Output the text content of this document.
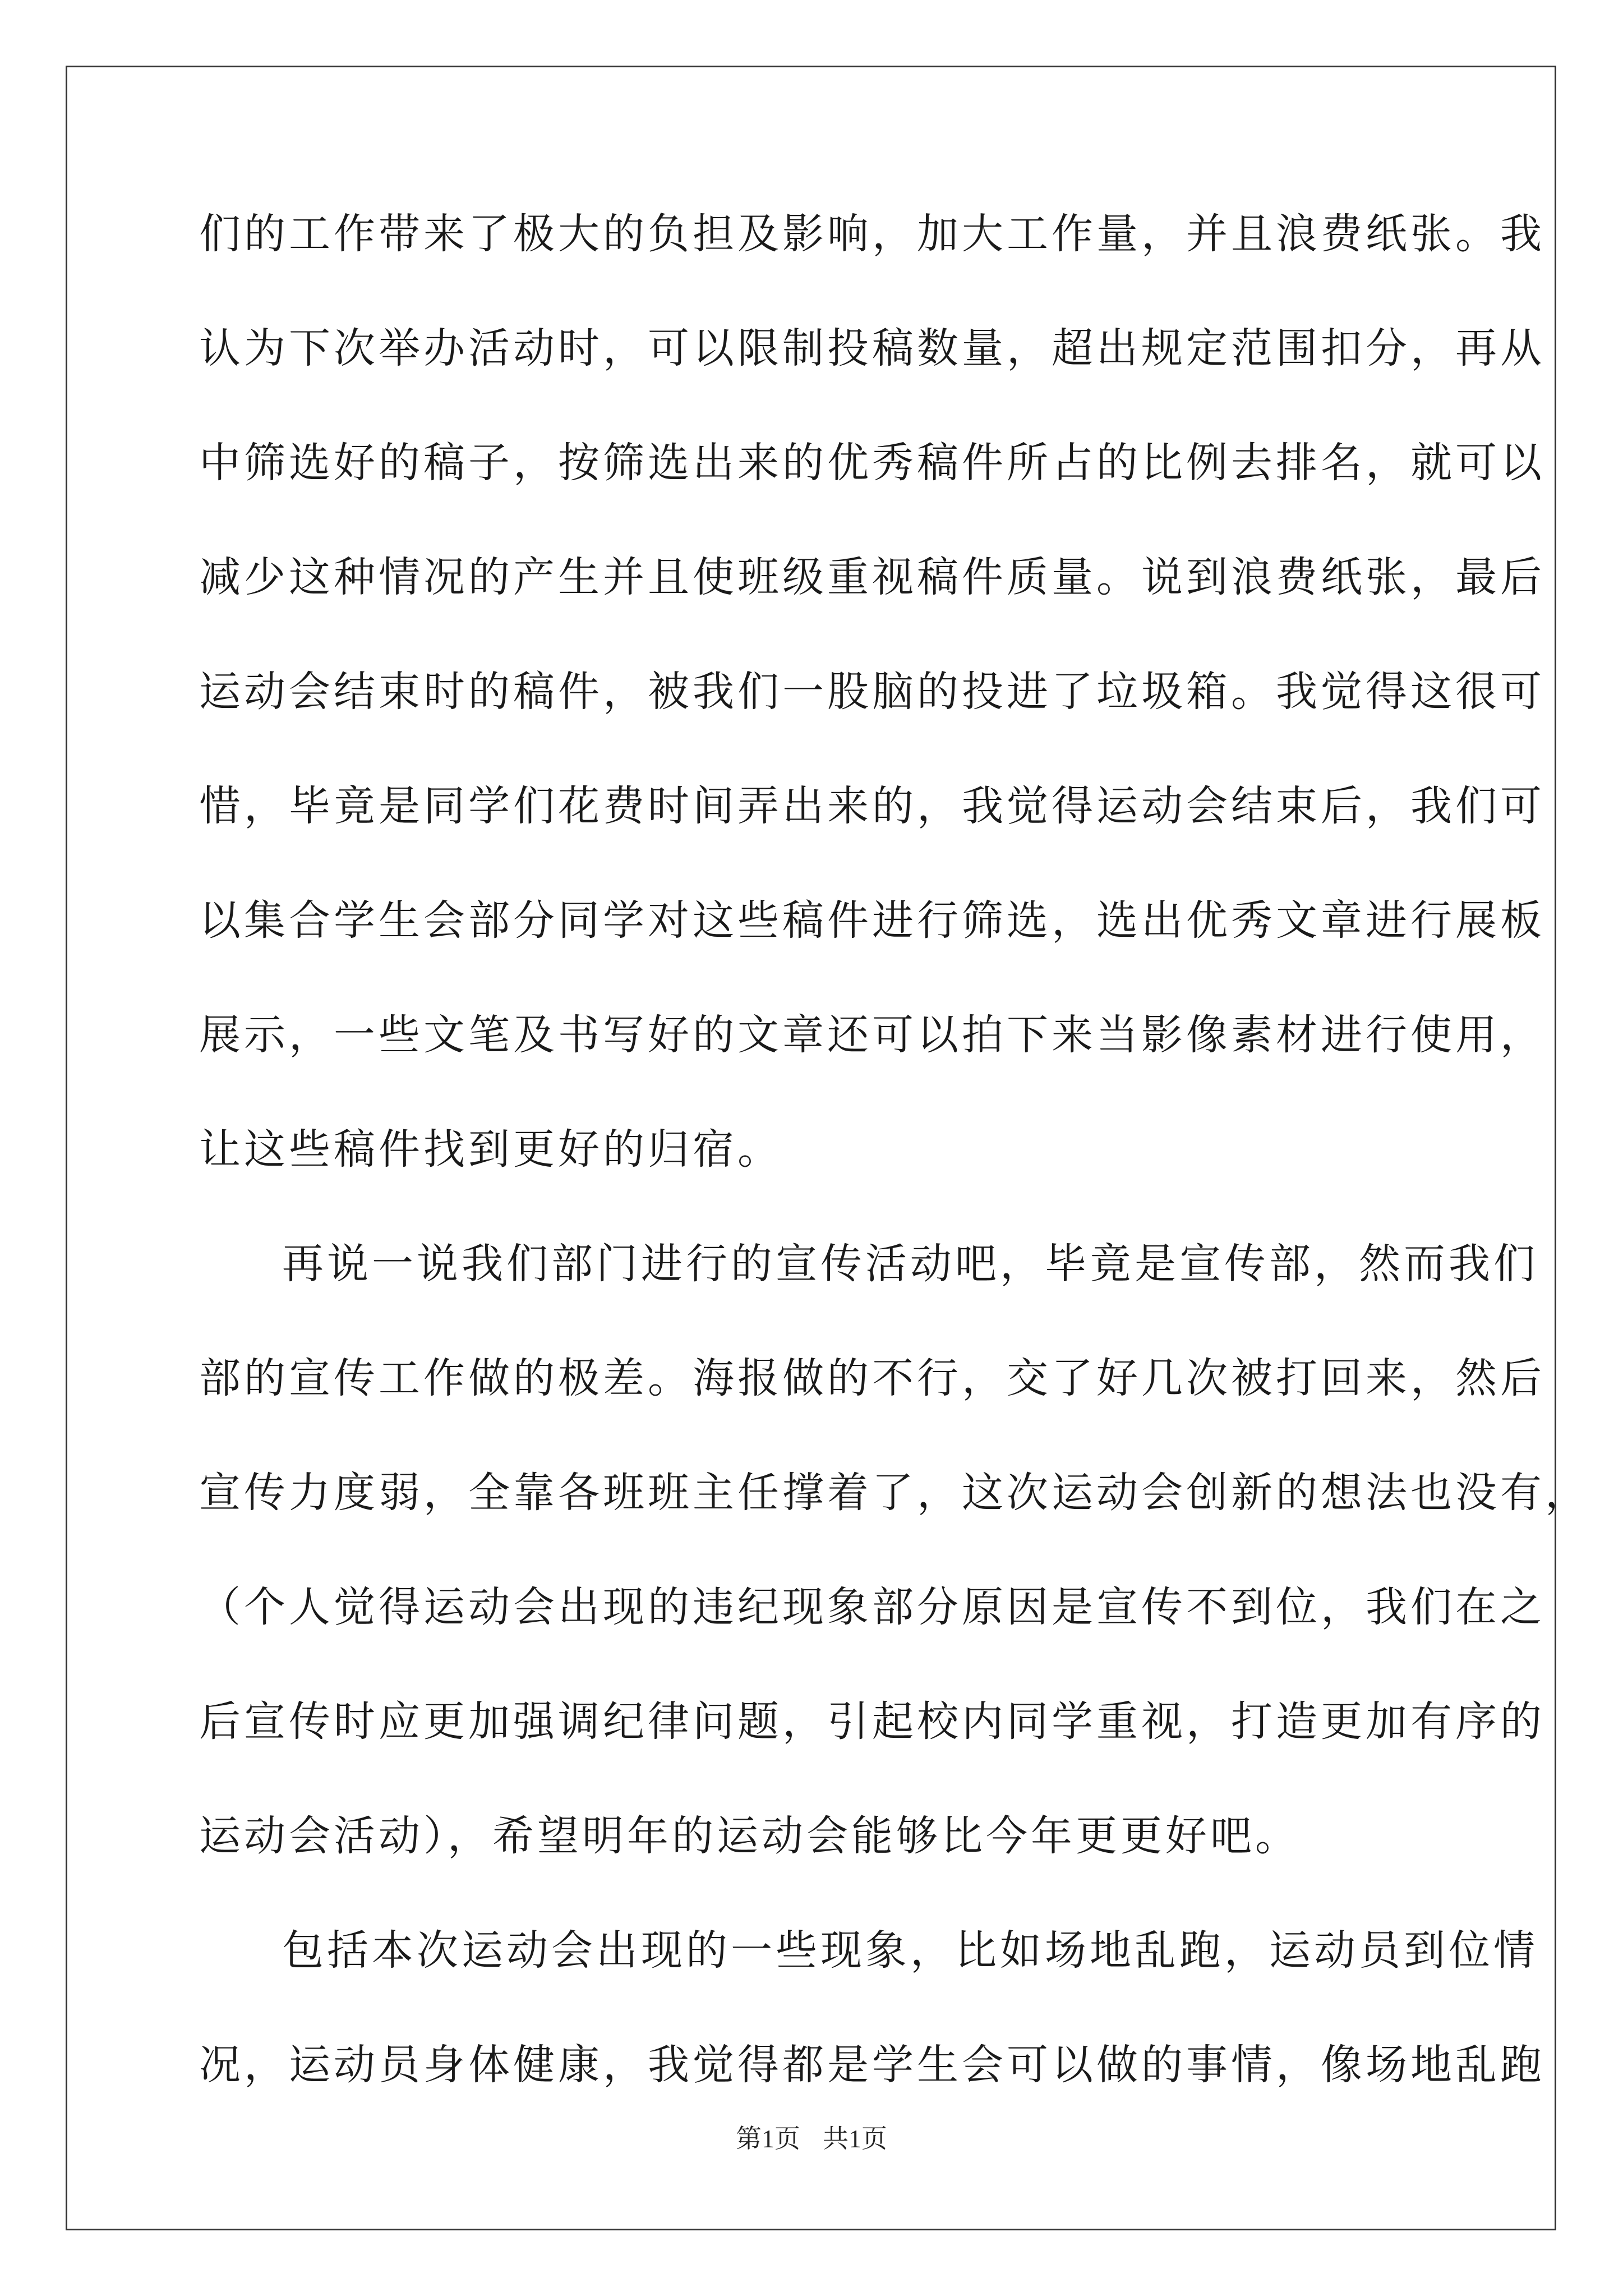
们的工作带来了极大的负担及影响，加大工作量，并且浪费纸张。我
认为下次举办活动时，可以限制投稿数量，超出规定范围扣分，再从
中筛选好的稿子，按筛选出来的优秀稿件所占的比例去排名，就可以
减少这种情况的产生并且使班级重视稿件质量。说到浪费纸张，最后
运动会结束时的稿件，被我们一股脑的投进了垃圾箱。我觉得这很可
惜，毕竟是同学们花费时间弄出来的，我觉得运动会结束后，我们可
以集合学生会部分同学对这些稿件进行筛选，选出优秀文章进行展板
展示，一些文笔及书写好的文章还可以拍下来当影像素材进行使用，
让这些稿件找到更好的归宿。
再说一说我们部门进行的宣传活动吧，毕竟是宣传部，然而我们
部的宣传工作做的极差。海报做的不行，交了好几次被打回来，然后
宣传力度弱，全靠各班班主任撑着了，这次运动会创新的想法也没有，
（个人觉得运动会出现的违纪现象部分原因是宣传不到位，我们在之
后宣传时应更加强调纪律问题，引起校内同学重视，打造更加有序的
运动会活动），希望明年的运动会能够比今年更更好吧。
包括本次运动会出现的一些现象，比如场地乱跑，运动员到位情
况，运动员身体健康，我觉得都是学生会可以做的事情，像场地乱跑
第1页 共1页
